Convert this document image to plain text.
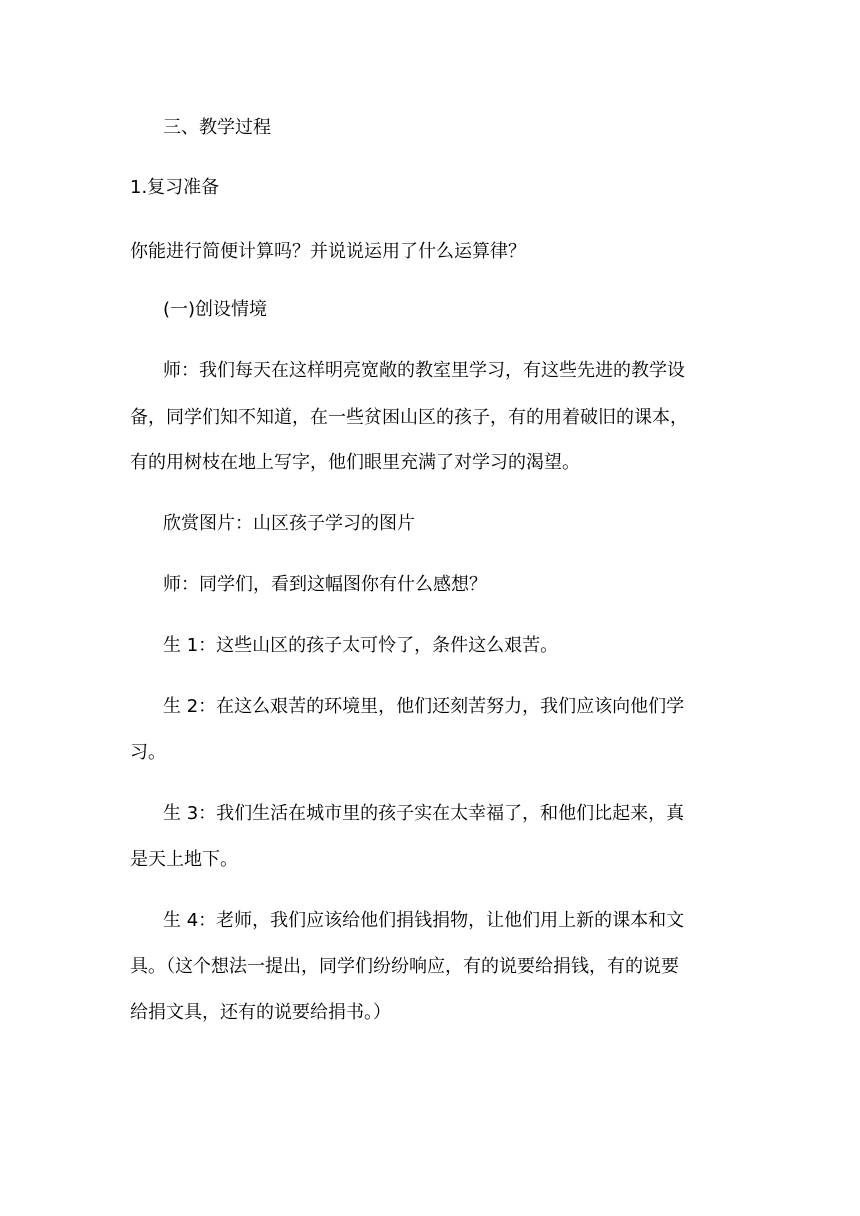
三、教学过程

1.复习准备

你能进行简便计算吗？并说说运用了什么运算律？

(一)创设情境

师：我们每天在这样明亮宽敞的教室里学习，有这些先进的教学设

备，同学们知不知道，在一些贫困山区的孩子，有的用着破旧的课本，

有的用树枝在地上写字，他们眼里充满了对学习的渴望。

欣赏图片：山区孩子学习的图片

师：同学们，看到这幅图你有什么感想？

生 1：这些山区的孩子太可怜了，条件这么艰苦。

生 2：在这么艰苦的环境里，他们还刻苦努力，我们应该向他们学

习。

生 3：我们生活在城市里的孩子实在太幸福了，和他们比起来，真

是天上地下。

生 4：老师，我们应该给他们捐钱捐物，让他们用上新的课本和文

具。（这个想法一提出，同学们纷纷响应，有的说要给捐钱，有的说要

给捐文具，还有的说要给捐书。）
